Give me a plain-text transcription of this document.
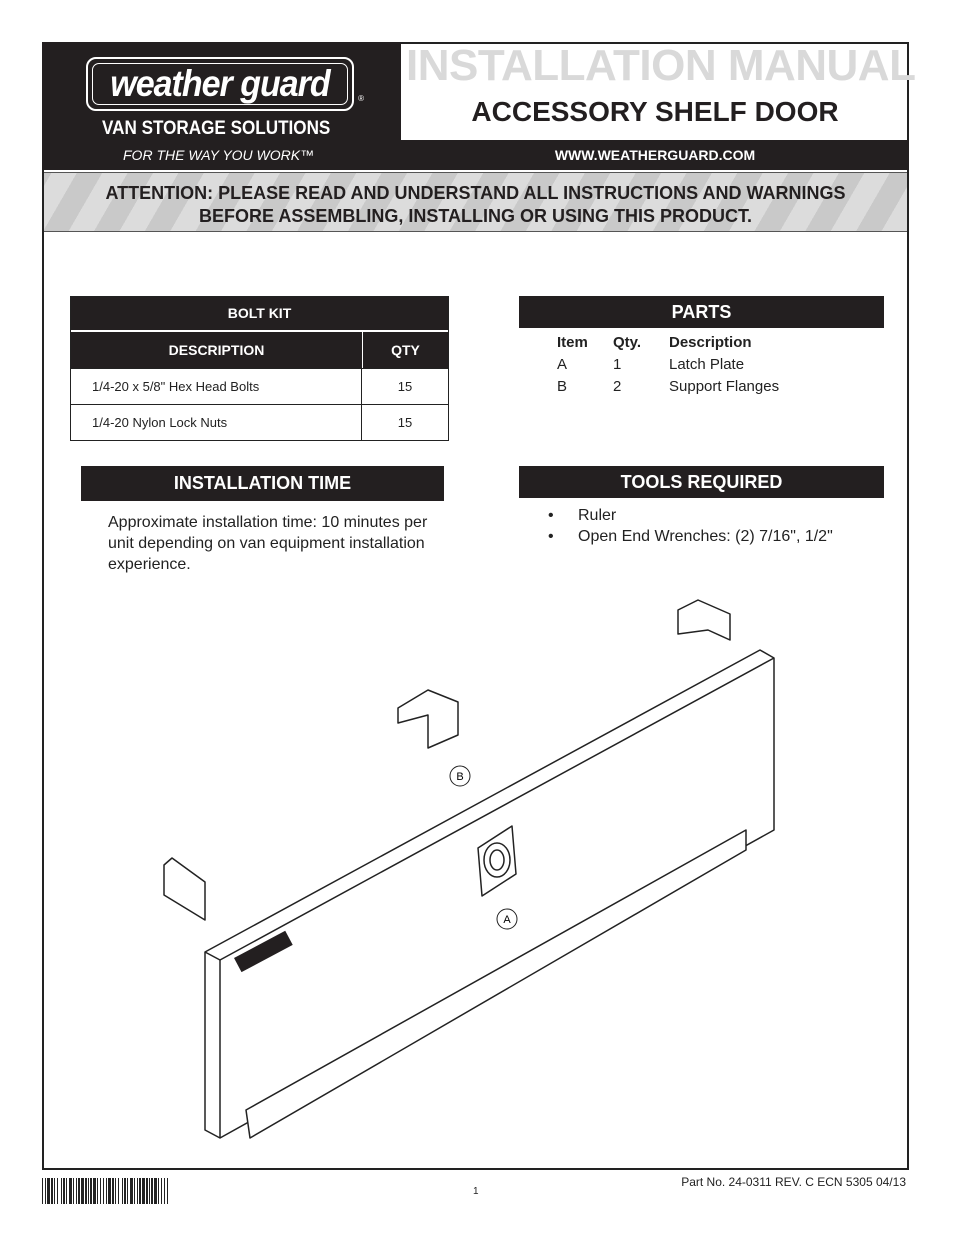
weather guard	®
VAN STORAGE SOLUTIONS
FOR THE WAY YOU WORK™
INSTALLATION MANUAL
ACCESSORY SHELF DOOR
WWW.WEATHERGUARD.COM
ATTENTION: PLEASE READ AND UNDERSTAND ALL INSTRUCTIONS AND WARNINGS
BEFORE ASSEMBLING, INSTALLING OR USING THIS PRODUCT.
BOLT KIT
DESCRIPTION	QTY
1/4-20 x 5/8" Hex Head Bolts	15
1/4-20 Nylon Lock Nuts	15
PARTS
Item	Qty.	Description
A	1	Latch Plate
B	2	Support Flanges
INSTALLATION TIME
Approximate installation time: 10 minutes per unit depending on van equipment installation experience.
TOOLS REQUIRED
•	Ruler
•	Open End Wrenches: (2) 7/16", 1/2"
B
A
1
Part No. 24-0311 REV. C ECN 5305 04/13
